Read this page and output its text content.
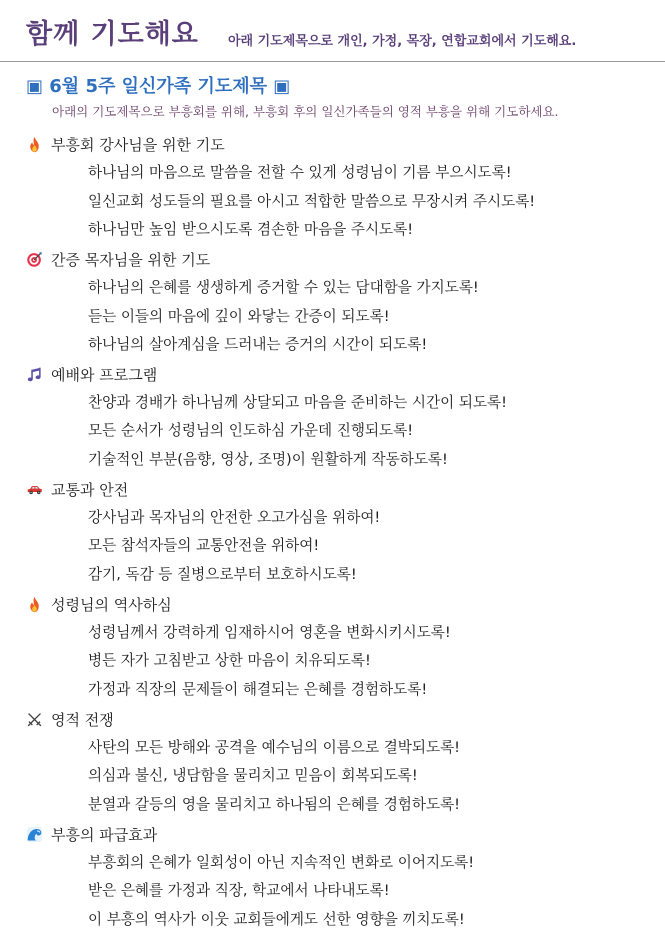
함께 기도해요 아래 기도제목으로 개인, 가정, 목장, 연합교회에서 기도해요.
▣ 6월 5주 일신가족 기도제목 ▣
아래의 기도제목으로 부흥회를 위해, 부흥회 후의 일신가족들의 영적 부흥을 위해 기도하세요.
부흥회 강사님을 위한 기도
하나님의 마음으로 말씀을 전할 수 있게 성령님이 기름 부으시도록!
일신교회 성도들의 필요를 아시고 적합한 말씀으로 무장시켜 주시도록!
하나님만 높임 받으시도록 겸손한 마음을 주시도록!
간증 목자님을 위한 기도
하나님의 은혜를 생생하게 증거할 수 있는 담대함을 가지도록!
듣는 이들의 마음에 깊이 와닿는 간증이 되도록!
하나님의 살아계심을 드러내는 증거의 시간이 되도록!
예배와 프로그램
찬양과 경배가 하나님께 상달되고 마음을 준비하는 시간이 되도록!
모든 순서가 성령님의 인도하심 가운데 진행되도록!
기술적인 부분(음향, 영상, 조명)이 원활하게 작동하도록!
교통과 안전
강사님과 목자님의 안전한 오고가심을 위하여!
모든 참석자들의 교통안전을 위하여!
감기, 독감 등 질병으로부터 보호하시도록!
성령님의 역사하심
성령님께서 강력하게 임재하시어 영혼을 변화시키시도록!
병든 자가 고침받고 상한 마음이 치유되도록!
가정과 직장의 문제들이 해결되는 은혜를 경험하도록!
영적 전쟁
사탄의 모든 방해와 공격을 예수님의 이름으로 결박되도록!
의심과 불신, 냉담함을 물리치고 믿음이 회복되도록!
분열과 갈등의 영을 물리치고 하나됨의 은혜를 경험하도록!
부흥의 파급효과
부흥회의 은혜가 일회성이 아닌 지속적인 변화로 이어지도록!
받은 은혜를 가정과 직장, 학교에서 나타내도록!
이 부흥의 역사가 이웃 교회들에게도 선한 영향을 끼치도록!
